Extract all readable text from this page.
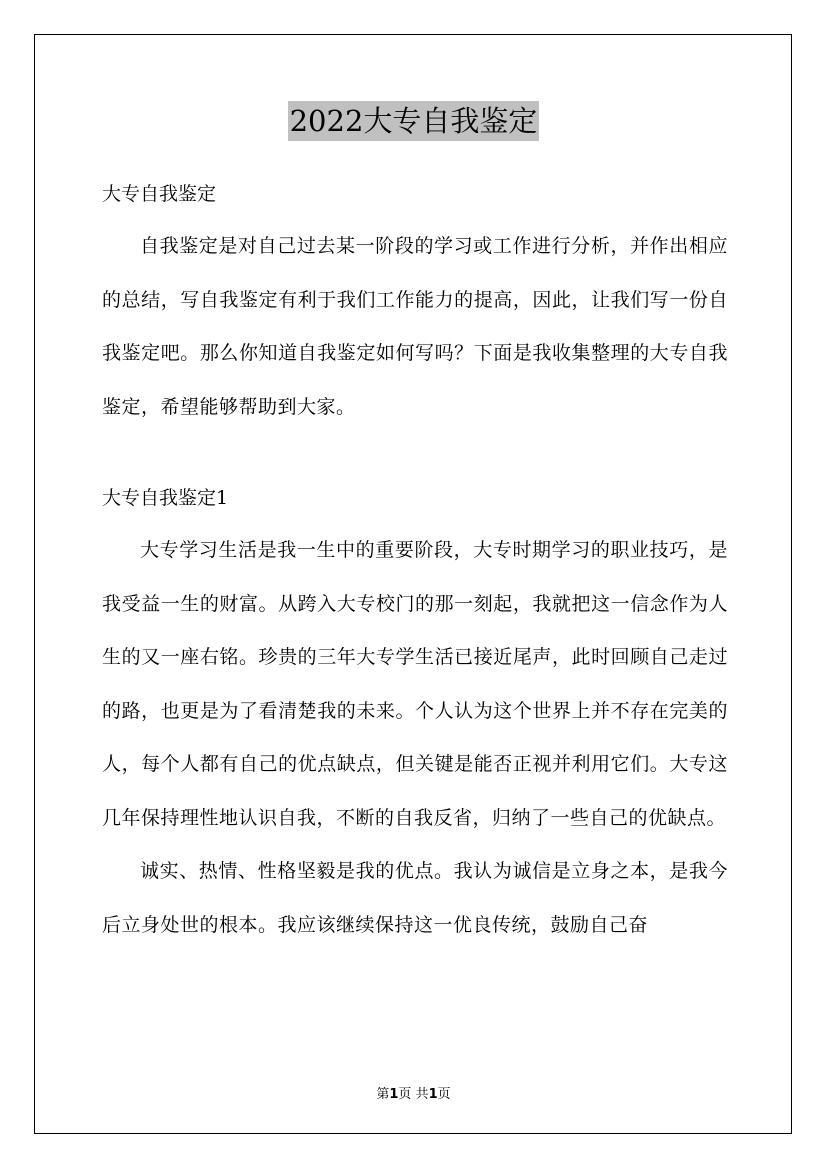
2022大专自我鉴定

大专自我鉴定

自我鉴定是对自己过去某一阶段的学习或工作进行分析，并作出相应的总结，写自我鉴定有利于我们工作能力的提高，因此，让我们写一份自我鉴定吧。那么你知道自我鉴定如何写吗？下面是我收集整理的大专自我鉴定，希望能够帮助到大家。

大专自我鉴定1

大专学习生活是我一生中的重要阶段，大专时期学习的职业技巧，是我受益一生的财富。从跨入大专校门的那一刻起，我就把这一信念作为人生的又一座右铭。珍贵的三年大专学生活已接近尾声，此时回顾自己走过的路，也更是为了看清楚我的未来。个人认为这个世界上并不存在完美的人，每个人都有自己的优点缺点，但关键是能否正视并利用它们。大专这几年保持理性地认识自我，不断的自我反省，归纳了一些自己的优缺点。

诚实、热情、性格坚毅是我的优点。我认为诚信是立身之本，是我今后立身处世的根本。我应该继续保持这一优良传统，鼓励自己奋

第1页 共1页
